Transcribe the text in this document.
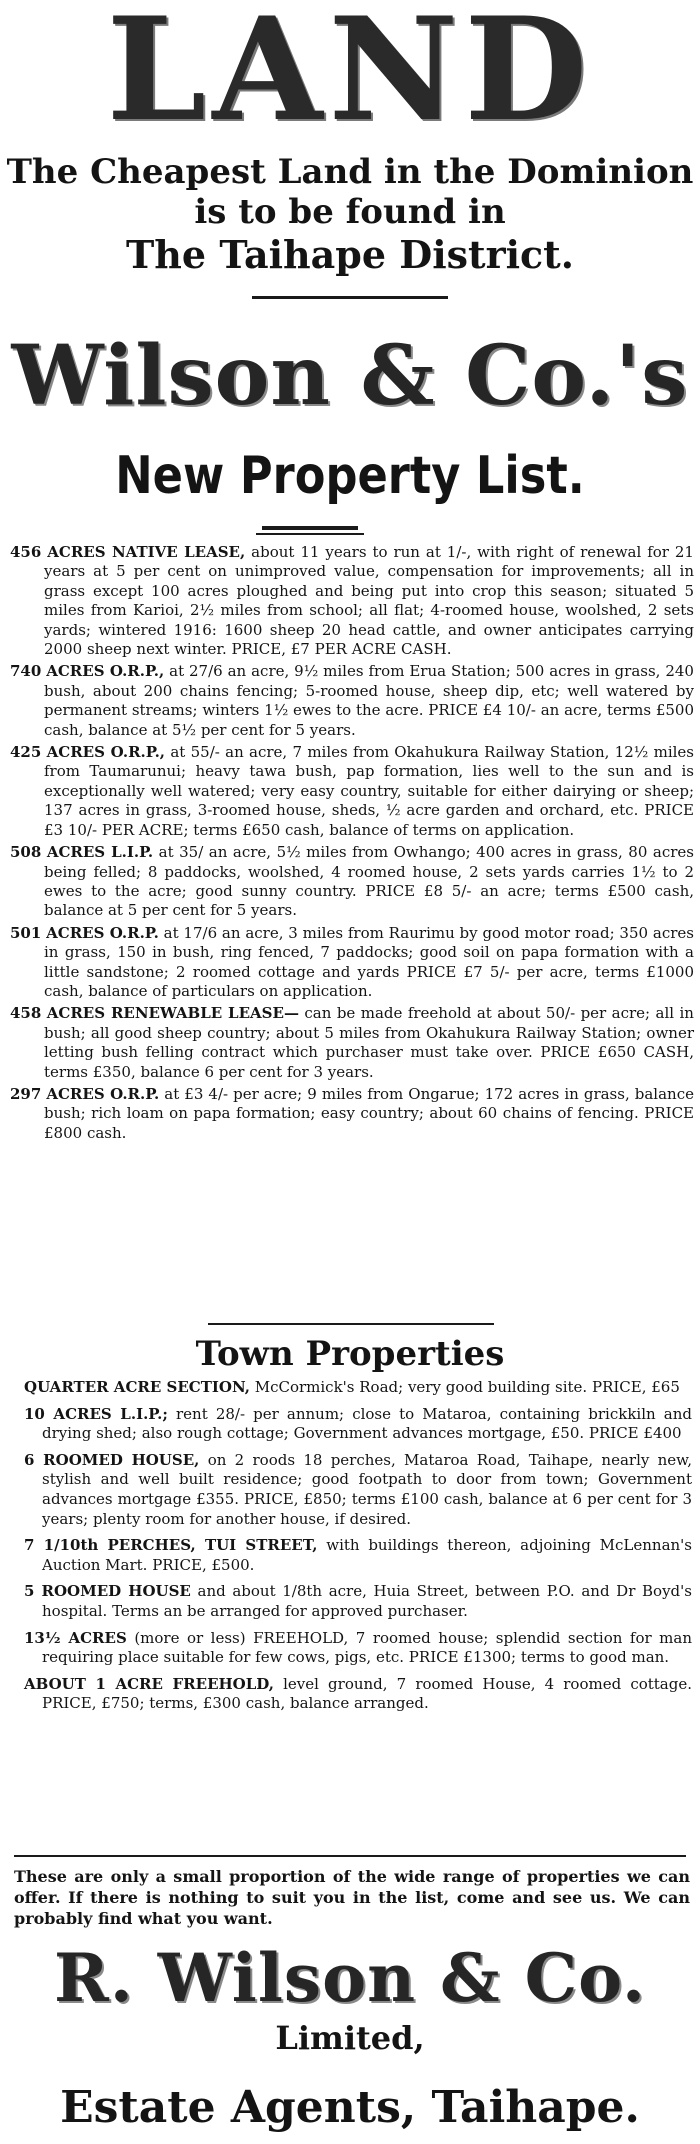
LAND
The Cheapest Land in the Dominion
is to be found in
The Taihape District.
Wilson & Co.'s
New Property List.
456 ACRES NATIVE LEASE, about 11 years to run at 1/-, with right of renewal for 21 years at 5 per cent on unimproved value, compensation for improvements; all in grass except 100 acres ploughed and being put into crop this season; situated 5 miles from Karioi, 2½ miles from school; all flat; 4-roomed house, woolshed, 2 sets yards; wintered 1916: 1600 sheep 20 head cattle, and owner anticipates carrying 2000 sheep next winter. PRICE, £7 PER ACRE CASH.
740 ACRES O.R.P., at 27/6 an acre, 9½ miles from Erua Station; 500 acres in grass, 240 bush, about 200 chains fencing; 5-roomed house, sheep dip, etc; well watered by permanent streams; winters 1½ ewes to the acre. PRICE £4 10/- an acre, terms £500 cash, balance at 5½ per cent for 5 years.
425 ACRES O.R.P., at 55/- an acre, 7 miles from Okahukura Railway Station, 12½ miles from Taumarunui; heavy tawa bush, pap formation, lies well to the sun and is exceptionally well watered; very easy country, suitable for either dairying or sheep; 137 acres in grass, 3-roomed house, sheds, ½ acre garden and orchard, etc. PRICE £3 10/- PER ACRE; terms £650 cash, balance of terms on application.
508 ACRES L.I.P. at 35/ an acre, 5½ miles from Owhango; 400 acres in grass, 80 acres being felled; 8 paddocks, woolshed, 4 roomed house, 2 sets yards carries 1½ to 2 ewes to the acre; good sunny country. PRICE £8 5/- an acre; terms £500 cash, balance at 5 per cent for 5 years.
501 ACRES O.R.P. at 17/6 an acre, 3 miles from Raurimu by good motor road; 350 acres in grass, 150 in bush, ring fenced, 7 paddocks; good soil on papa formation with a little sandstone; 2 roomed cottage and yards PRICE £7 5/- per acre, terms £1000 cash, balance of particulars on application.
458 ACRES RENEWABLE LEASE— can be made freehold at about 50/- per acre; all in bush; all good sheep country; about 5 miles from Okahukura Railway Station; owner letting bush felling contract which purchaser must take over. PRICE £650 CASH, terms £350, balance 6 per cent for 3 years.
297 ACRES O.R.P. at £3 4/- per acre; 9 miles from Ongarue; 172 acres in grass, balance bush; rich loam on papa formation; easy country; about 60 chains of fencing. PRICE £800 cash.
Town Properties
QUARTER ACRE SECTION, McCormick's Road; very good building site. PRICE, £65
10 ACRES L.I.P.; rent 28/- per annum; close to Mataroa, containing brickkiln and drying shed; also rough cottage; Government advances mortgage, £50. PRICE £400
6 ROOMED HOUSE, on 2 roods 18 perches, Mataroa Road, Taihape, nearly new, stylish and well built residence; good footpath to door from town; Government advances mortgage £355. PRICE, £850; terms £100 cash, balance at 6 per cent for 3 years; plenty room for another house, if desired.
7 1/10th PERCHES, TUI STREET, with buildings thereon, adjoining McLennan's Auction Mart. PRICE, £500.
5 ROOMED HOUSE and about 1/8th acre, Huia Street, between P.O. and Dr Boyd's hospital. Terms an be arranged for approved purchaser.
13½ ACRES (more or less) FREEHOLD, 7 roomed house; splendid section for man requiring place suitable for few cows, pigs, etc. PRICE £1300; terms to good man.
ABOUT 1 ACRE FREEHOLD, level ground, 7 roomed House, 4 roomed cottage. PRICE, £750; terms, £300 cash, balance arranged.
These are only a small proportion of the wide range of properties we can offer. If there is nothing to suit you in the list, come and see us. We can probably find what you want.
R. Wilson & Co.
Limited,
Estate Agents, Taihape.
